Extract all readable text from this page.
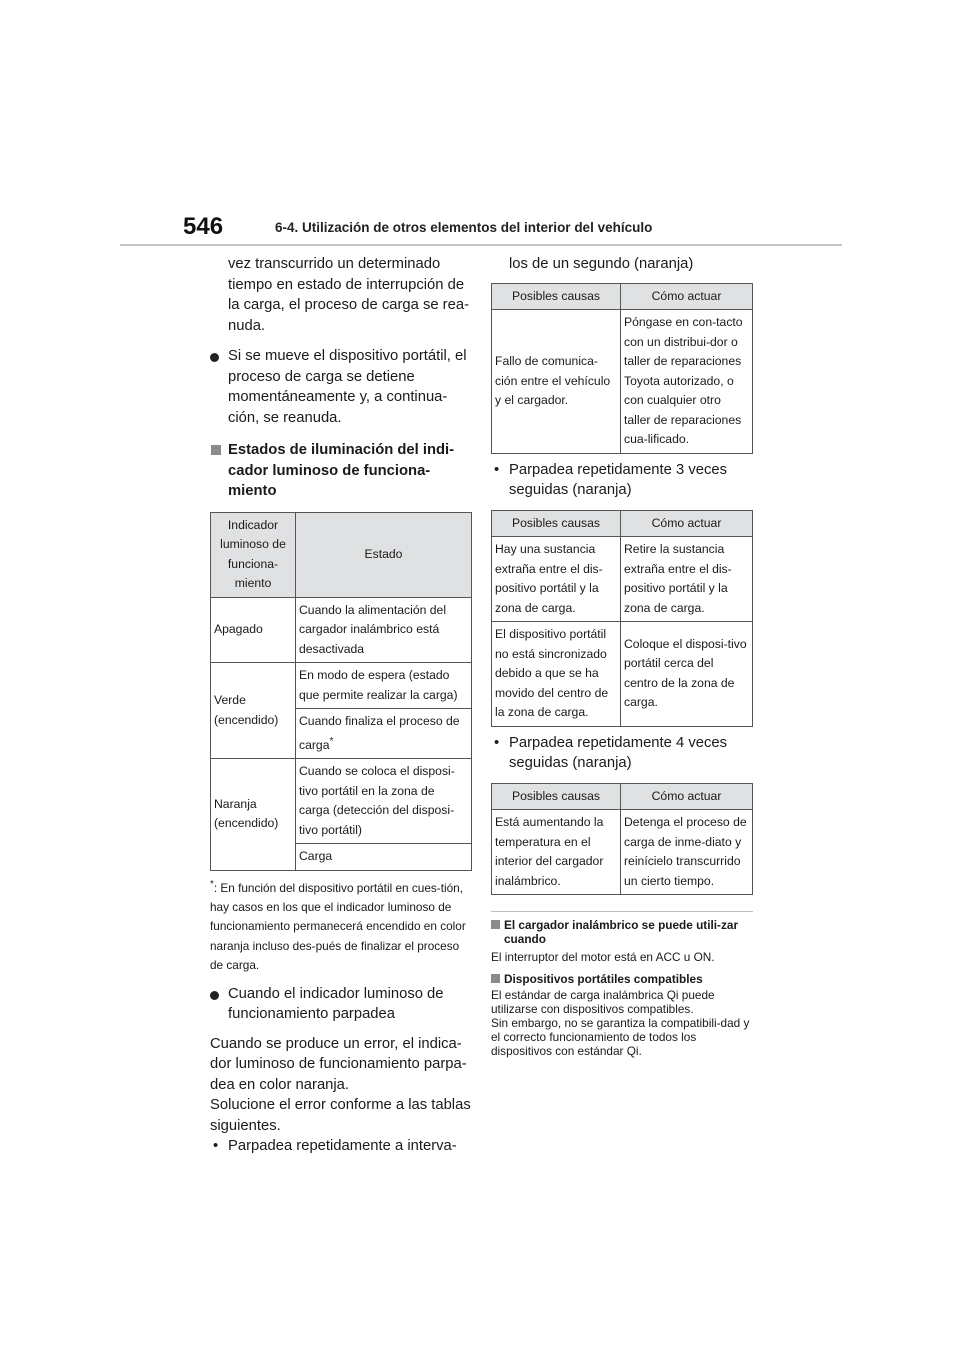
546	6-4. Utilización de otros elementos del interior del vehículo

vez transcurrido un determinado tiempo en estado de interrupción de la carga, el proceso de carga se rea-nuda.

Si se mueve el dispositivo portátil, el proceso de carga se detiene momentáneamente y, a continua-ción, se reanuda.
Estados de iluminación del indi-cador luminoso de funciona-miento
Indicador luminoso de funciona-miento	Estado
Apagado	Cuando la alimentación del cargador inalámbrico está desactivada
Verde (encendido)	En modo de espera (estado que permite realizar la carga)
	Cuando finaliza el proceso de carga*
Naranja (encendido)	Cuando se coloca el disposi-tivo portátil en la zona de carga (detección del disposi-tivo portátil)
	Carga

*: En función del dispositivo portátil en cues-tión, hay casos en los que el indicador luminoso de funcionamiento permanecerá encendido en color naranja incluso des-pués de finalizar el proceso de carga.

Cuando el indicador luminoso de funcionamiento parpadea

Cuando se produce un error, el indica-dor luminoso de funcionamiento parpa-dea en color naranja.

Solucione el error conforme a las tablas siguientes.

• Parpadea repetidamente a interva-

los de un segundo (naranja)

Posibles causas	Cómo actuar
Fallo de comunica-ción entre el vehículo y el cargador.	Póngase en con-tacto con un distribui-dor o taller de reparaciones Toyota autorizado, o con cualquier otro taller de reparaciones cua-lificado.
• Parpadea repetidamente 3 veces seguidas (naranja)
Posibles causas	Cómo actuar
Hay una sustancia extraña entre el dis-positivo portátil y la zona de carga.	Retire la sustancia extraña entre el dis-positivo portátil y la zona de carga.
El dispositivo portátil no está sincronizado debido a que se ha movido del centro de la zona de carga.	Coloque el disposi-tivo portátil cerca del centro de la zona de carga.
• Parpadea repetidamente 4 veces seguidas (naranja)
Posibles causas	Cómo actuar
Está aumentando la temperatura en el interior del cargador inalámbrico.	Detenga el proceso de carga de inme-diato y reinícielo transcurrido un cierto tiempo.
El cargador inalámbrico se puede utili-zar cuando

El interruptor del motor está en ACC u ON.

Dispositivos portátiles compatibles

El estándar de carga inalámbrica Qi puede utilizarse con dispositivos compatibles.

Sin embargo, no se garantiza la compatibili-dad y el correcto funcionamiento de todos los dispositivos con estándar Qi.
